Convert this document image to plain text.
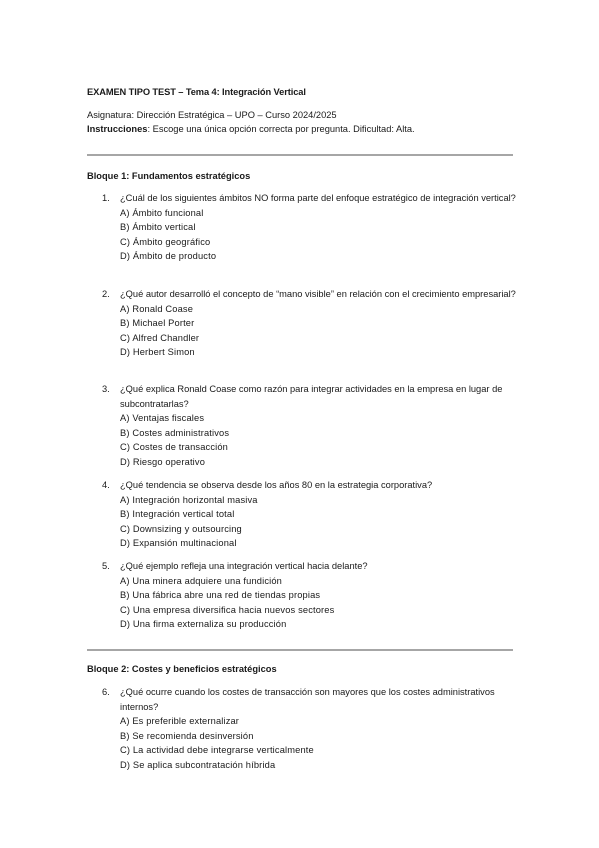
EXAMEN TIPO TEST – Tema 4: Integración Vertical

Asignatura: Dirección Estratégica – UPO – Curso 2024/2025

Instrucciones: Escoge una única opción correcta por pregunta. Dificultad: Alta.

Bloque 1: Fundamentos estratégicos
1. ¿Cuál de los siguientes ámbitos NO forma parte del enfoque estratégico de integración vertical?
A) Ámbito funcional
B) Ámbito vertical
C) Ámbito geográfico
D) Ámbito de producto
2. ¿Qué autor desarrolló el concepto de “mano visible” en relación con el crecimiento empresarial?
A) Ronald Coase
B) Michael Porter
C) Alfred Chandler
D) Herbert Simon
3. ¿Qué explica Ronald Coase como razón para integrar actividades en la empresa en lugar de subcontratarlas?
A) Ventajas fiscales
B) Costes administrativos
C) Costes de transacción
D) Riesgo operativo
4. ¿Qué tendencia se observa desde los años 80 en la estrategia corporativa?
A) Integración horizontal masiva
B) Integración vertical total
C) Downsizing y outsourcing
D) Expansión multinacional
5. ¿Qué ejemplo refleja una integración vertical hacia delante?
A) Una minera adquiere una fundición
B) Una fábrica abre una red de tiendas propias
C) Una empresa diversifica hacia nuevos sectores
D) Una firma externaliza su producción
Bloque 2: Costes y beneficios estratégicos
6. ¿Qué ocurre cuando los costes de transacción son mayores que los costes administrativos internos?
A) Es preferible externalizar
B) Se recomienda desinversión
C) La actividad debe integrarse verticalmente
D) Se aplica subcontratación híbrida
